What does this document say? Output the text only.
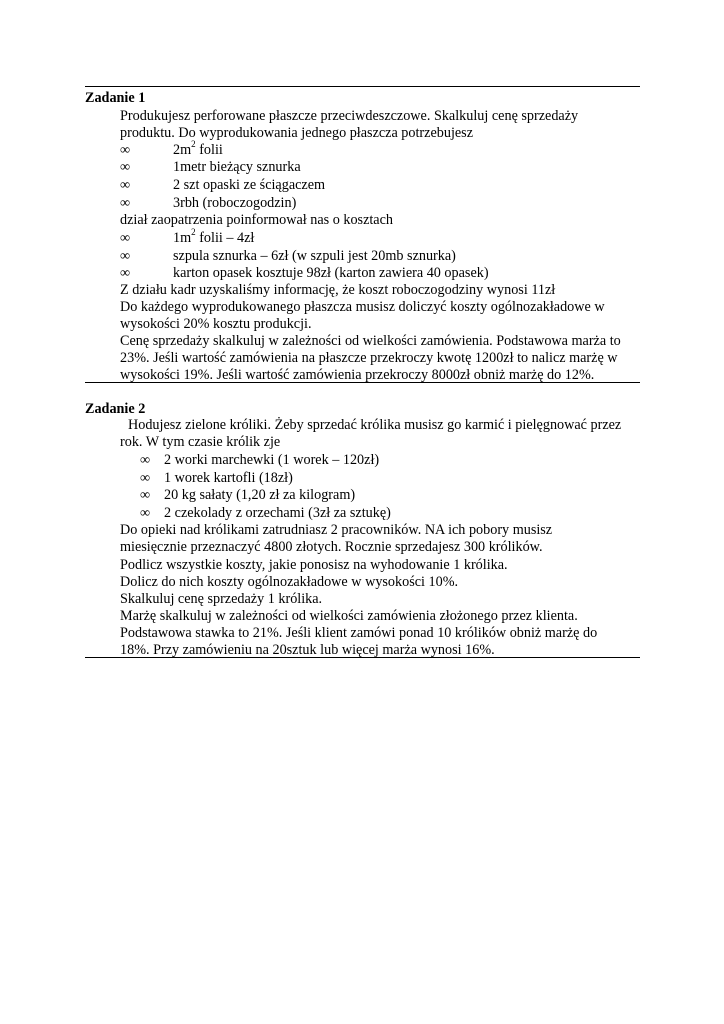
Zadanie 1
Produkujesz perforowane płaszcze przeciwdeszczowe. Skalkuluj cenę sprzedaży
produktu. Do wyprodukowania jednego płaszcza potrzebujesz
∞	$2m^2$ folii
∞	1metr bieżący sznurka
∞	2 szt opaski ze ściągaczem
∞	3rbh (roboczogodzin)
dział zaopatrzenia poinformował nas o kosztach
∞	$1m^2$ folii – 4zł
∞	szpula sznurka – 6zł (w szpuli jest 20mb sznurka)
∞	karton opasek kosztuje 98zł (karton zawiera 40 opasek)
Z działu kadr uzyskaliśmy informację, że koszt roboczogodziny wynosi 11zł
Do każdego wyprodukowanego płaszcza musisz doliczyć koszty ogólnozakładowe w
wysokości 20% kosztu produkcji.
Cenę sprzedaży skalkuluj w zależności od wielkości zamówienia. Podstawowa marża to
23%. Jeśli wartość zamówienia na płaszcze przekroczy kwotę 1200zł to nalicz marżę w
wysokości 19%. Jeśli wartość zamówienia przekroczy 8000zł obniż marżę do 12%.
Zadanie 2
Hodujesz zielone króliki. Żeby sprzedać królika musisz go karmić i pielęgnować przez
rok. W tym czasie królik zje
∞ 2 worki marchewki (1 worek – 120zł)
∞ 1 worek kartofli (18zł)
∞ 20 kg sałaty (1,20 zł za kilogram)
∞ 2 czekolady z orzechami (3zł za sztukę)
Do opieki nad królikami zatrudniasz 2 pracowników. NA ich pobory musisz
miesięcznie przeznaczyć 4800 złotych. Rocznie sprzedajesz 300 królików.
Podlicz wszystkie koszty, jakie ponosisz na wyhodowanie 1 królika.
Dolicz do nich koszty ogólnozakładowe w wysokości 10%.
Skalkuluj cenę sprzedaży 1 królika.
Marżę skalkuluj w zależności od wielkości zamówienia złożonego przez klienta.
Podstawowa stawka to 21%. Jeśli klient zamówi ponad 10 królików obniż marżę do
18%. Przy zamówieniu na 20sztuk lub więcej marża wynosi 16%.
